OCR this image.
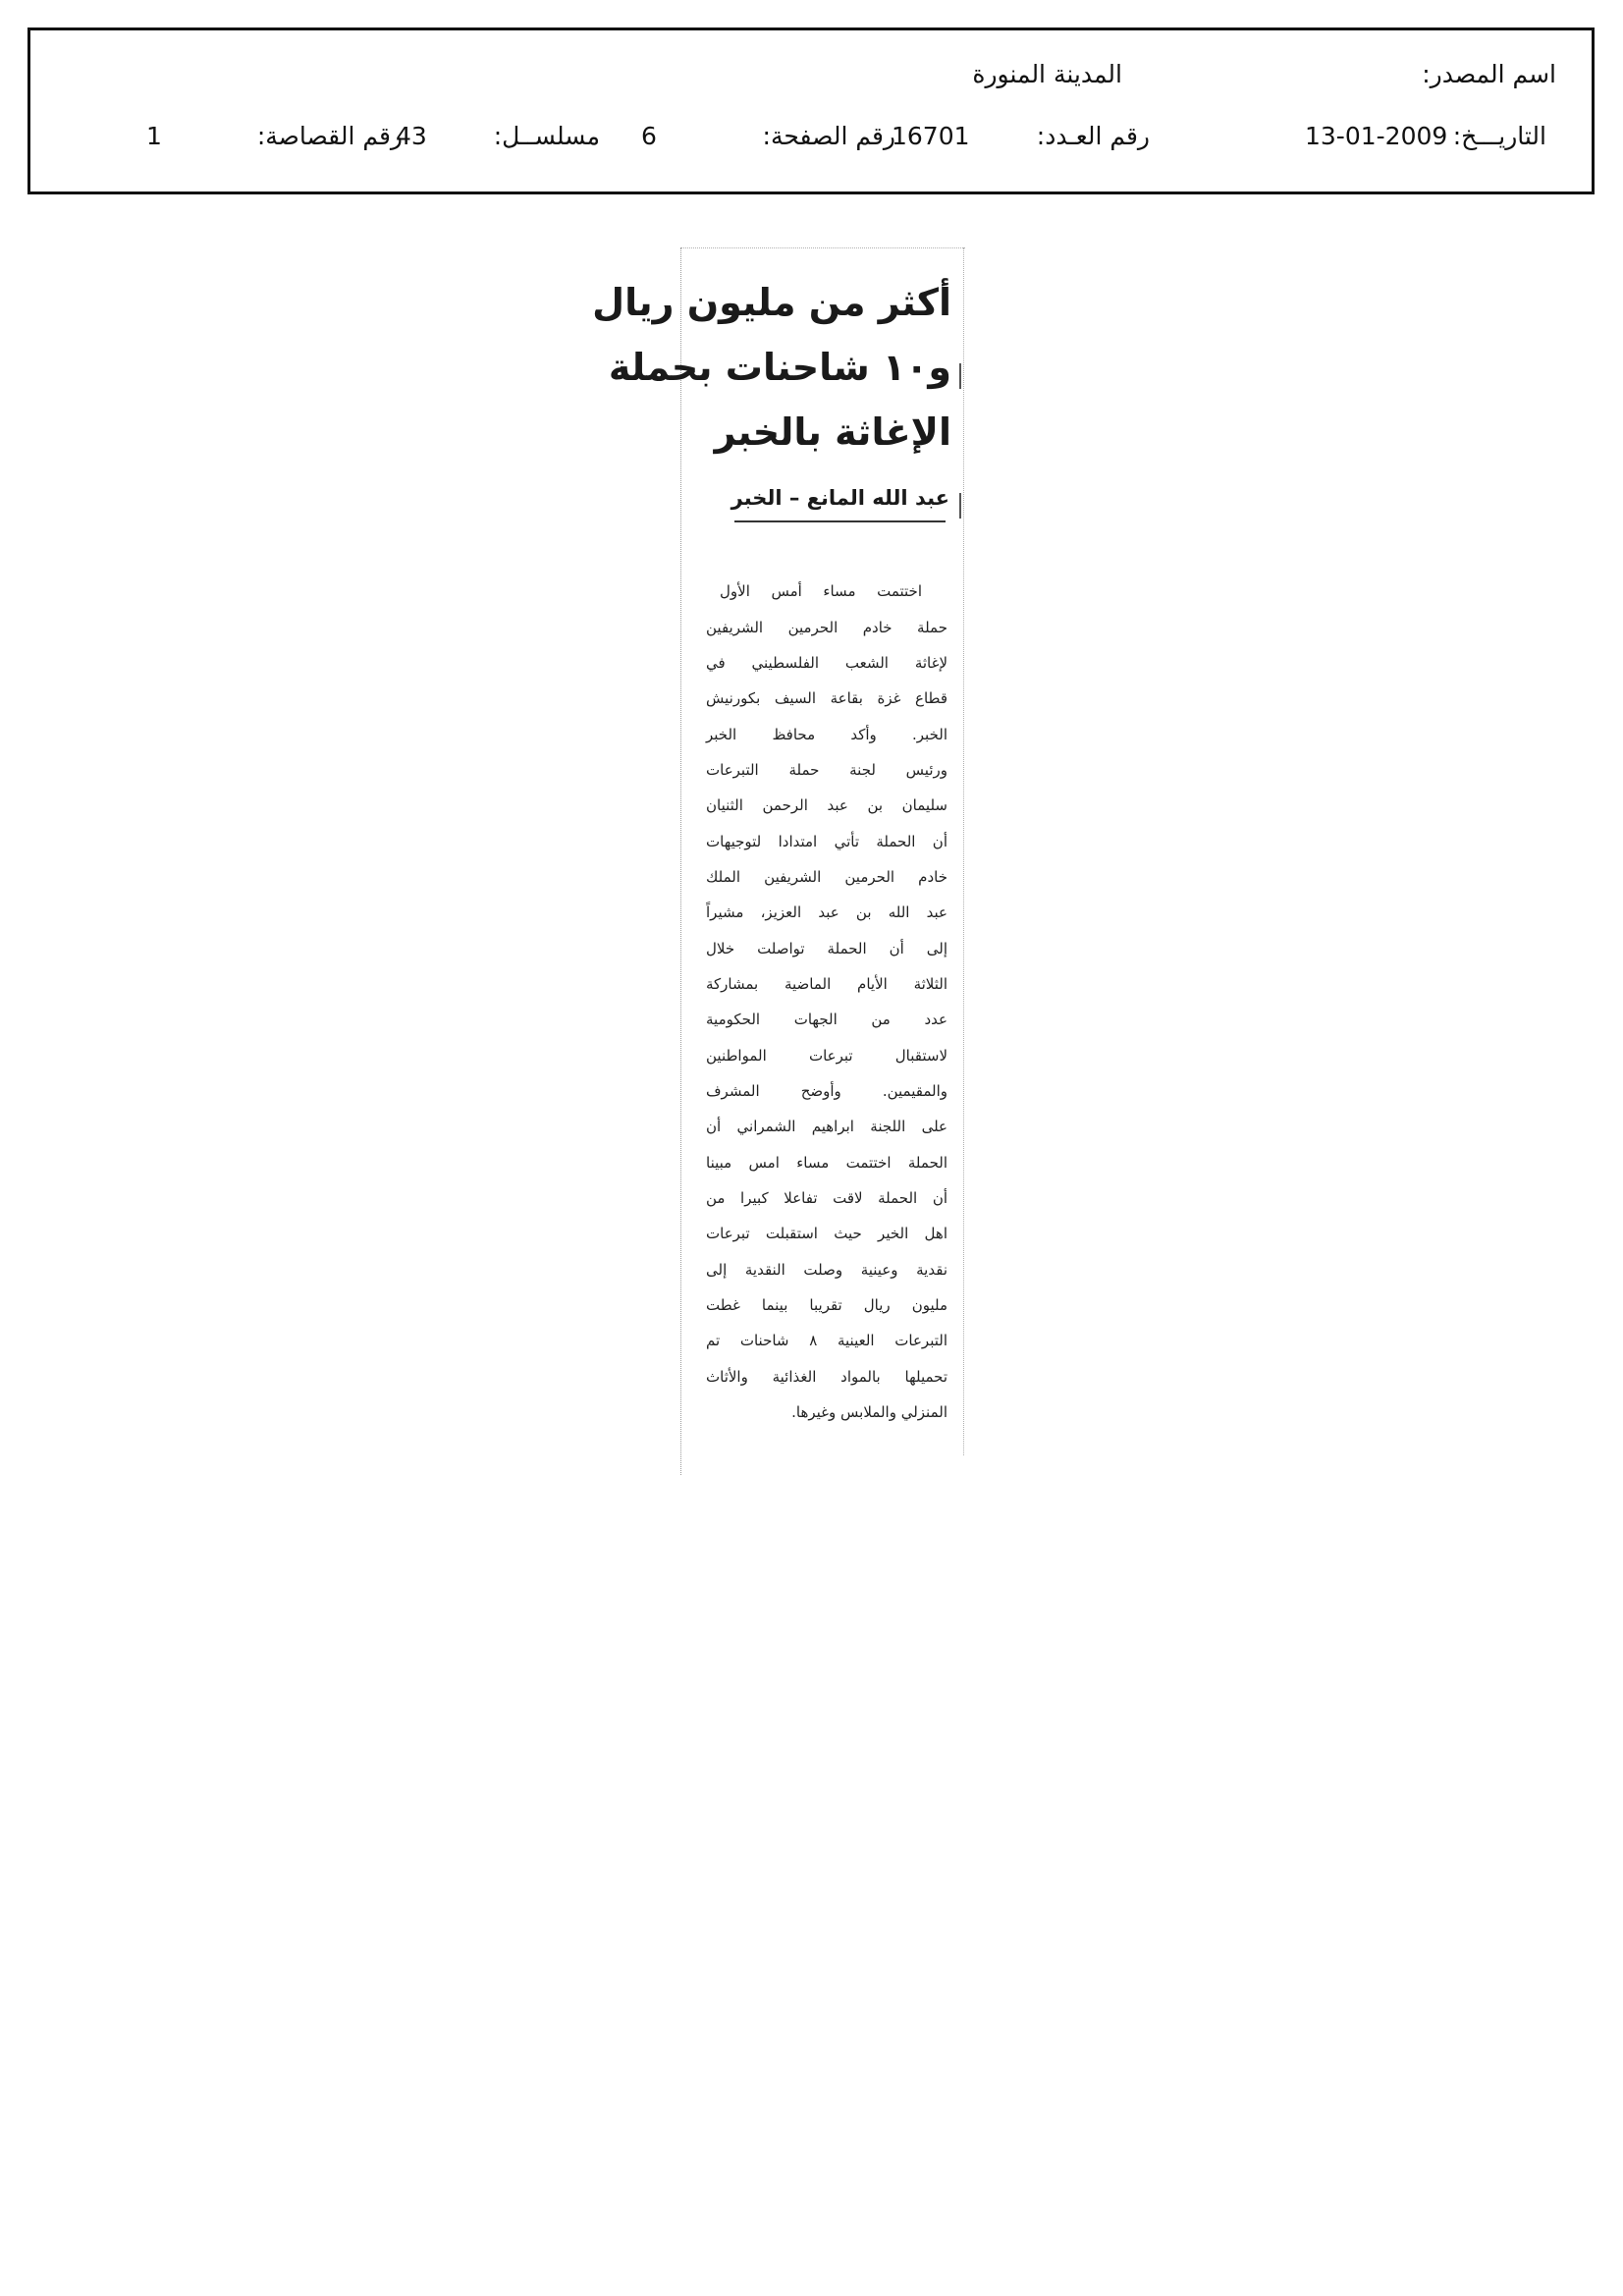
اسم المصدر:
المدينة المنورة
التاريـــخ:
13-01-2009
رقم العـدد:
16701
رقم الصفحة:
6
مسلســل:
43
رقم القصاصة:
1
أكثر من مليون ريال
و١٠ شاحنات بحملة
الإغاثة بالخبر
عبد الله المانع – الخبر
اختتمت مساء أمس الأول
حملة خادم الحرمين الشريفين
لإغاثة الشعب الفلسطيني في
قطاع غزة بقاعة السيف بكورنيش
الخبر. وأكد محافظ الخبر
ورئيس لجنة حملة التبرعات
سليمان بن عبد الرحمن الثنيان
أن الحملة تأتي امتدادا لتوجيهات
خادم الحرمين الشريفين الملك
عبد الله بن عبد العزيز، مشيراً
إلى أن الحملة تواصلت خلال
الثلاثة الأيام الماضية بمشاركة
عدد من الجهات الحكومية
لاستقبال تبرعات المواطنين
والمقيمين. وأوضح المشرف
على اللجنة ابراهيم الشمراني أن
الحملة اختتمت مساء امس مبينا
أن الحملة لاقت تفاعلا كبيرا من
اهل الخير حيث استقبلت تبرعات
نقدية وعينية وصلت النقدية إلى
مليون ريال تقريبا بينما غطت
التبرعات العينية ٨ شاحنات تم
تحميلها بالمواد الغذائية والأثاث
المنزلي والملابس وغيرها.
